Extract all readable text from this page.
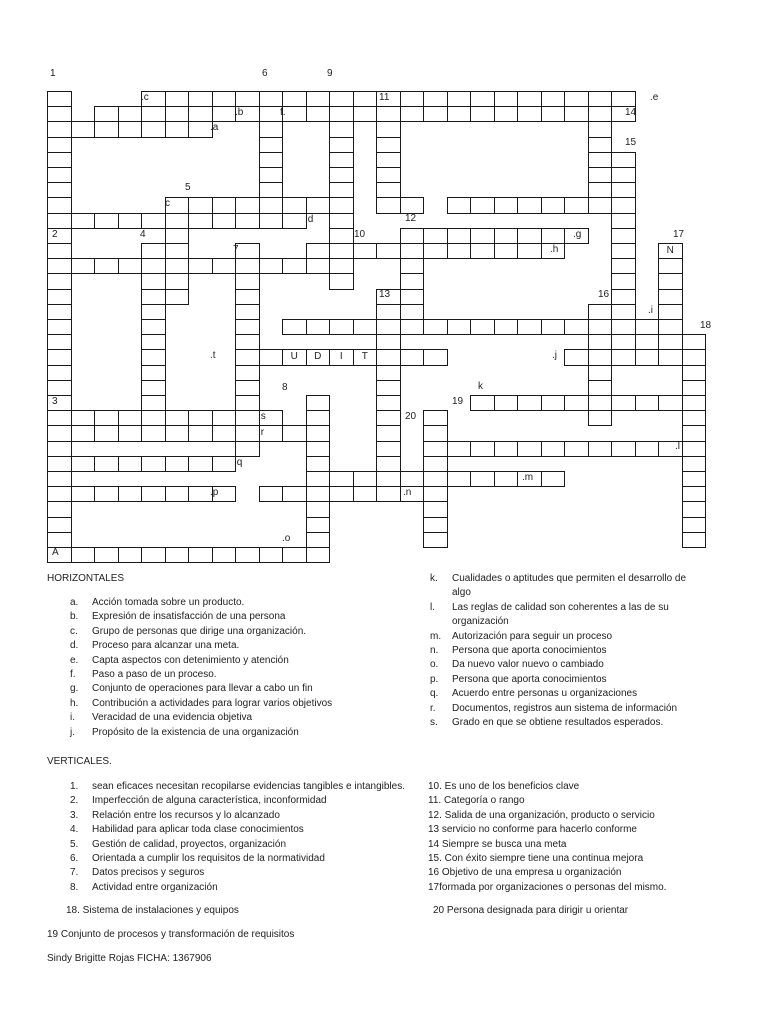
U	D	I	T
N
1	6	9
11
14
15
5
12
10
2	4
7
17
13	16
18
8
3	19
20
A
.c	.e
.b	f.
.a
c
.d
.g
.h
.i
.t	.j
k
.s
.r
.l
.q
.m
.p	.n
.o
HORIZONTALES
a. Acción tomada sobre un producto.
b. Expresión de insatisfacción de una persona
c. Grupo de personas que dirige una organización.
d. Proceso para alcanzar una meta.
e. Capta aspectos con detenimiento y atención
f. Paso a paso de un proceso.
g. Conjunto de operaciones para llevar a cabo un fin
h. Contribución a actividades para lograr varios objetivos
i. Veracidad de una evidencia objetiva
j. Propósito de la existencia de una organización
k. Cualidades o aptitudes que permiten el desarrollo de
algo
l. Las reglas de calidad son coherentes a las de su
organización
m. Autorización para seguir un proceso
n. Persona que aporta conocimientos
o. Da nuevo valor nuevo o cambiado
p. Persona que aporta conocimientos
q. Acuerdo entre personas u organizaciones
r. Documentos, registros aun sistema de información
s. Grado en que se obtiene resultados esperados.
VERTICALES.
1. sean eficaces necesitan recopilarse evidencias tangibles e intangibles.
2. Imperfección de alguna característica, inconformidad
3. Relación entre los recursos y lo alcanzado
4. Habilidad para aplicar toda clase conocimientos
5. Gestión de calidad, proyectos, organización
6. Orientada a cumplir los requisitos de la normatividad
7. Datos precisos y seguros
8. Actividad entre organización
10. Es uno de los beneficios clave
11. Categoría o rango
12. Salida de una organización, producto o servicio
13 servicio no conforme para hacerlo conforme
14 Siempre se busca una meta
15. Con éxito siempre tiene una continua mejora
16 Objetivo de una empresa u organización
17formada por organizaciones o personas del mismo.
18. Sistema de instalaciones y equipos	20 Persona designada para dirigir u orientar
19 Conjunto de procesos y transformación de requisitos
Sindy Brigitte Rojas FICHA: 1367906
